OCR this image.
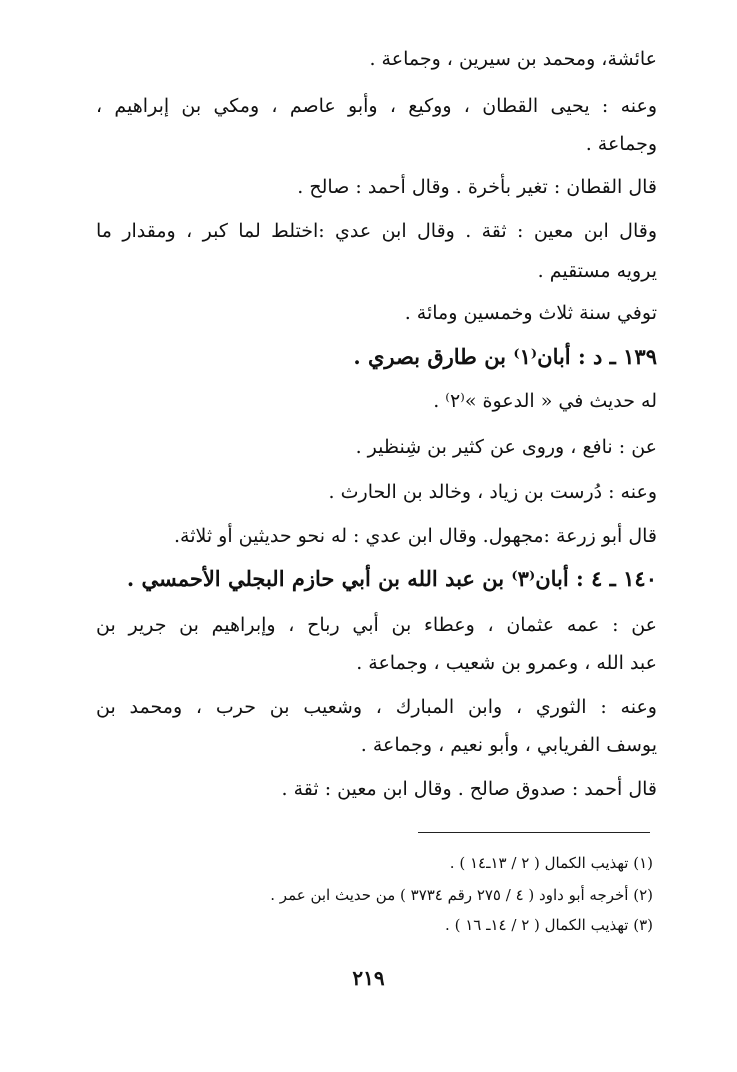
عائشة، ومحمد بن سيرين ، وجماعة .
وعنه : يحيى القطان ، ووكيع ، وأبو عاصم ، ومكي بن إبراهيم ،
وجماعة .
قال القطان : تغير بأخرة . وقال أحمد : صالح .
وقال ابن معين : ثقة . وقال ابن عدي :اختلط لما كبر ، ومقدار ما
يرويه مستقيم .
توفي سنة ثلاث وخمسين ومائة .
١٣٩ ـ د : أبان⁽١⁾ بن طارق بصري .
له حديث في « الدعوة »⁽٢⁾ .
عن : نافع ، وروى عن كثير بن شِنظير .
وعنه : دُرست بن زياد ، وخالد بن الحارث .
قال أبو زرعة :مجهول. وقال ابن عدي : له نحو حديثين أو ثلاثة.
١٤٠ ـ ٤ : أبان⁽٣⁾ بن عبد الله بن أبي حازم البجلي الأحمسي .
عن : عمه عثمان ، وعطاء بن أبي رباح ، وإبراهيم بن جرير بن
عبد الله ، وعمرو بن شعيب ، وجماعة .
وعنه : الثوري ، وابن المبارك ، وشعيب بن حرب ، ومحمد بن
يوسف الفريابي ، وأبو نعيم ، وجماعة .
قال أحمد : صدوق صالح . وقال ابن معين : ثقة .
(١) تهذيب الكمال ( ٢ / ١٣ـ١٤ ) .
(٢) أخرجه أبو داود ( ٤ / ٢٧٥ رقم ٣٧٣٤ ) من حديث ابن عمر .
(٣) تهذيب الكمال ( ٢ / ١٤ـ ١٦ ) .
٢١٩
